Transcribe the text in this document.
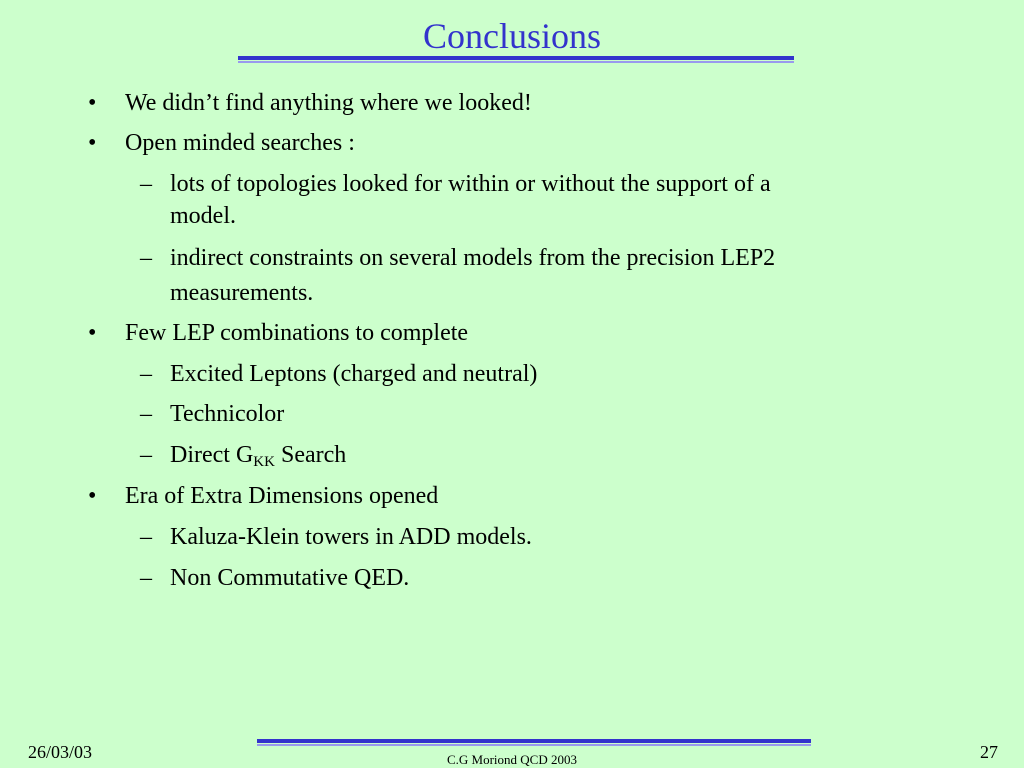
Conclusions
• We didn’t find anything where we looked!
• Open minded searches :
– lots of topologies looked for within or without the support of a
model.
– indirect constraints on several models from the precision LEP2
measurements.
• Few LEP combinations to complete
– Excited Leptons (charged and neutral)
– Technicolor
– Direct $G_{KK}$ Search
• Era of Extra Dimensions opened
– Kaluza-Klein towers in ADD models.
– Non Commutative QED.
26/03/03	C.G Moriond QCD 2003	27
